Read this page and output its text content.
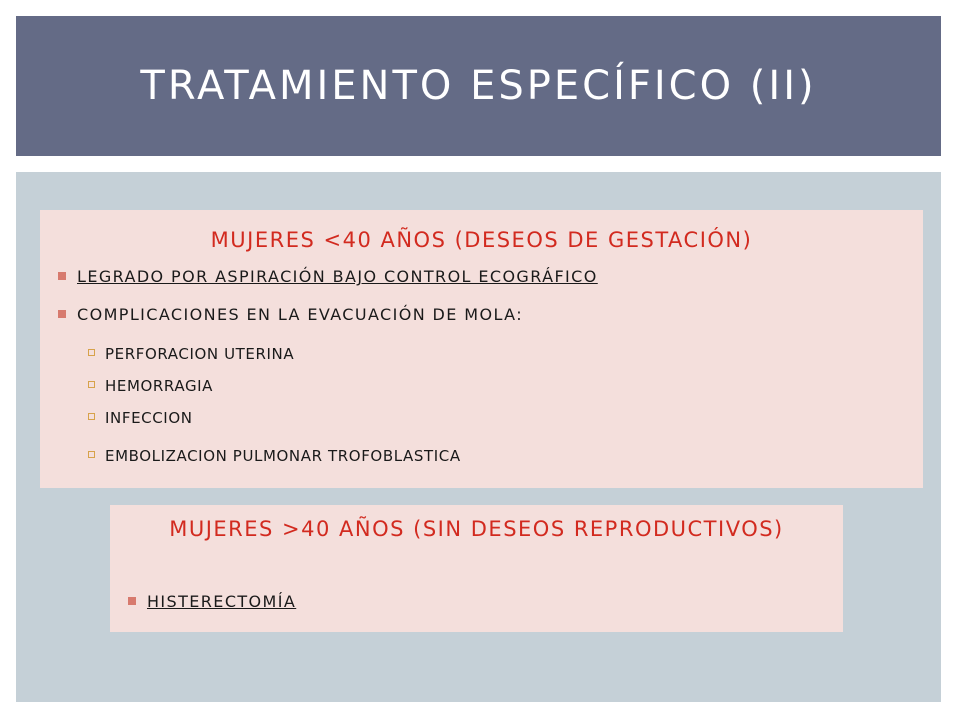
TRATAMIENTO ESPECÍFICO (II)

MUJERES <40 AÑOS (DESEOS DE GESTACIÓN)

LEGRADO POR ASPIRACIÓN BAJO CONTROL ECOGRÁFICO

COMPLICACIONES EN LA EVACUACIÓN DE MOLA:

PERFORACION UTERINA

HEMORRAGIA

INFECCION

EMBOLIZACION PULMONAR TROFOBLASTICA

MUJERES >40 AÑOS (SIN DESEOS REPRODUCTIVOS)

HISTERECTOMÍA
